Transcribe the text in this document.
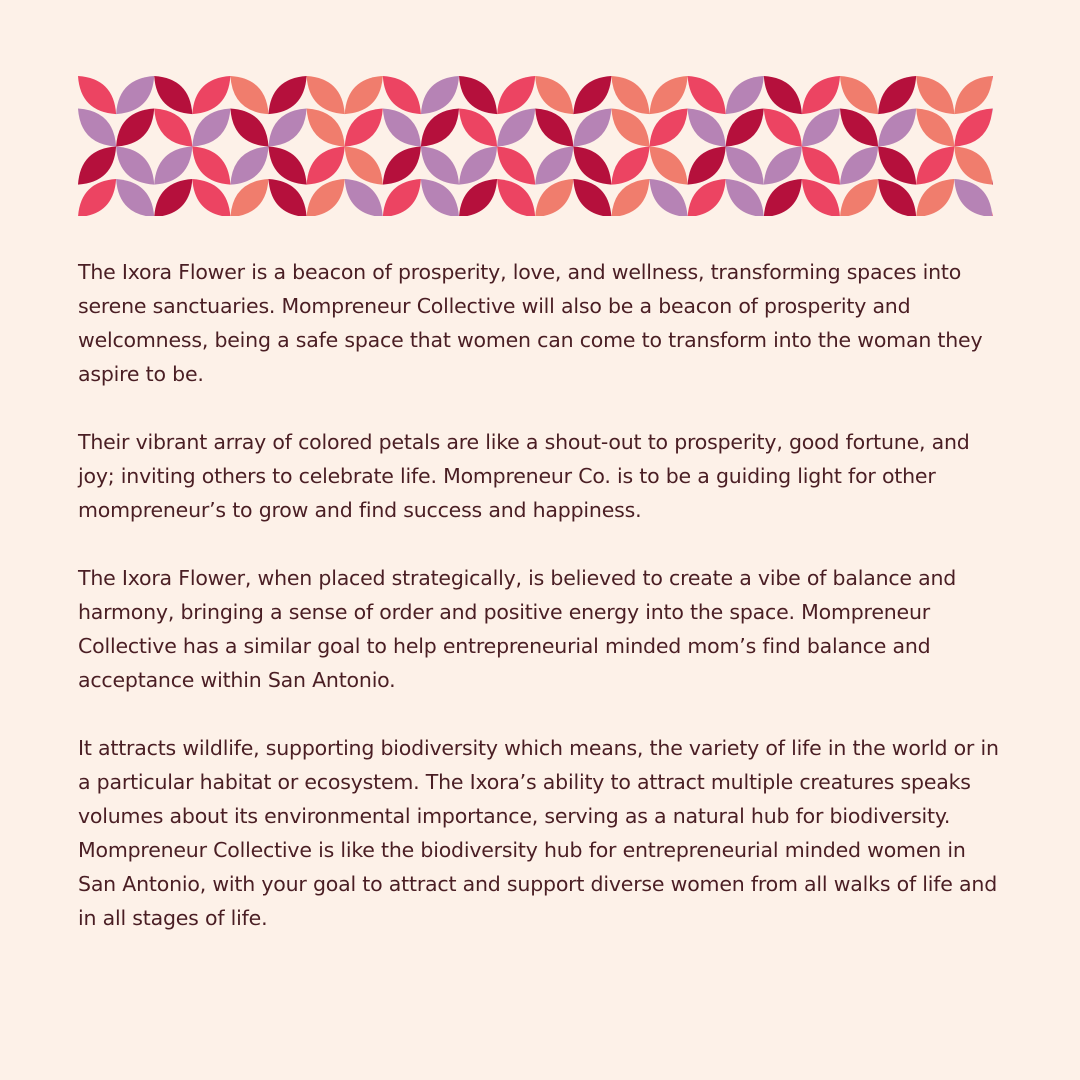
The Ixora Flower is a beacon of prosperity, love, and wellness, transforming spaces into serene sanctuaries. Mompreneur Collective will also be a beacon of prosperity and welcomness, being a safe space that women can come to transform into the woman they aspire to be.

Their vibrant array of colored petals are like a shout-out to prosperity, good fortune, and joy; inviting others to celebrate life. Mompreneur Co. is to be a guiding light for other mompreneur’s to grow and find success and happiness.

The Ixora Flower, when placed strategically, is believed to create a vibe of balance and harmony, bringing a sense of order and positive energy into the space. Mompreneur Collective has a similar goal to help entrepreneurial minded mom’s find balance and acceptance within San Antonio.

It attracts wildlife, supporting biodiversity which means, the variety of life in the world or in a particular habitat or ecosystem. The Ixora’s ability to attract multiple creatures speaks volumes about its environmental importance, serving as a natural hub for biodiversity. Mompreneur Collective is like the biodiversity hub for entrepreneurial minded women in San Antonio, with your goal to attract and support diverse women from all walks of life and in all stages of life.
